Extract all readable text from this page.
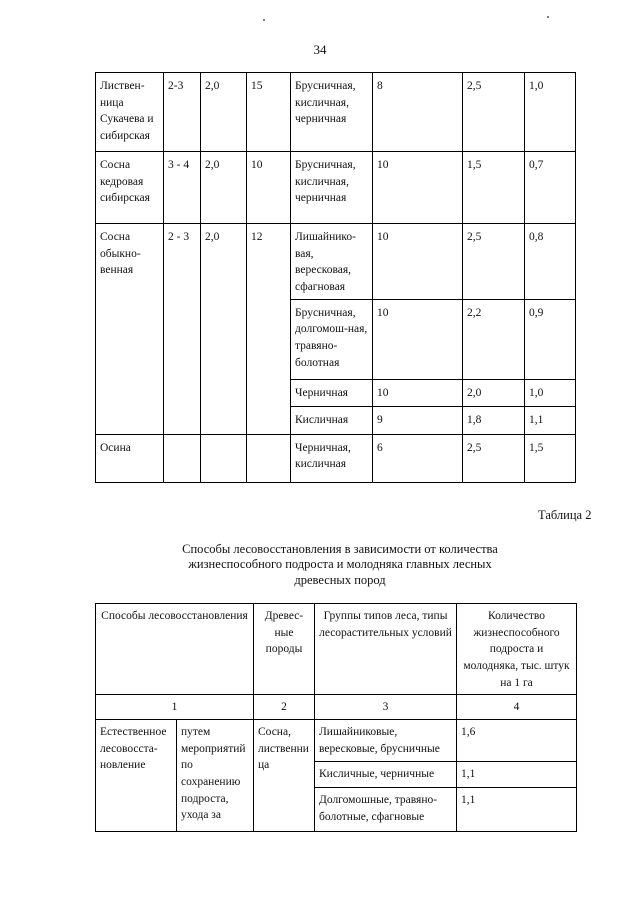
34
Листвен-ница Сукачева и сибирская	2-3	2,0	15	Брусничная, кисличная, черничная	8	2,5	1,0
Сосна кедровая сибирская	3 - 4	2,0	10	Брусничная, кисличная, черничная	10	1,5	0,7
Сосна обыкно-венная	2 - 3	2,0	12	Лишайнико-вая, вересковая, сфагновая	10	2,5	0,8
				Брусничная, долгомош-ная, травяно-болотная	10	2,2	0,9
				Черничная	10	2,0	1,0
				Кисличная	9	1,8	1,1
Осина				Черничная, кисличная	6	2,5	1,5
Таблица 2
Способы лесовосстановления в зависимости от количества
жизнеспособного подроста и молодняка главных лесных
древесных пород
Способы лесовосстановления		Древес-ные породы	Группы типов леса, типы лесорастительных условий	Количество жизнеспособного подроста и молодняка, тыс. штук на 1 га
1		2	3	4
Естественное лесовосста-новление	путем мероприятий по сохранению подроста, ухода за	Сосна, лиственница	Лишайниковые, вересковые, брусничные	1,6
			Кисличные, черничные	1,1
			Долгомошные, травяно-болотные, сфагновые	1,1
